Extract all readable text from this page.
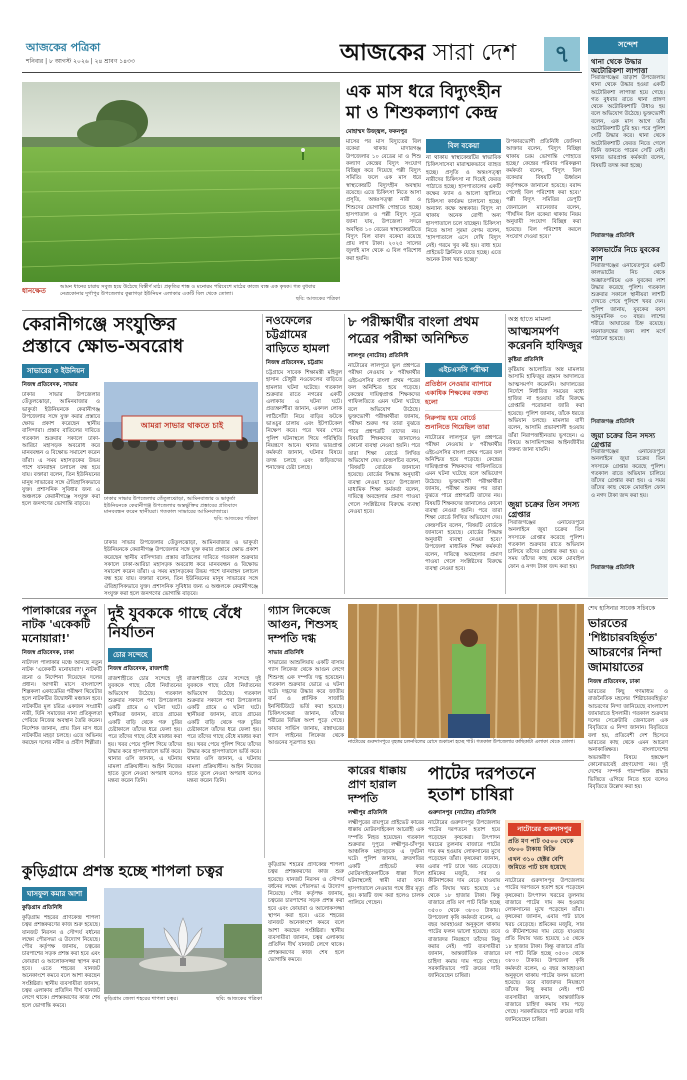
আজকের পত্রিকা
শনিবার | ৮ আগস্ট ২০২৬ | ২৪ শ্রাবণ ১৪৩৩	আজকের সারা দেশ	৭
আমন ধানের চারায় সবুজ হয়ে উঠেছে বিস্তীর্ণ মাঠ। প্রকৃতির শাস্ত ও মনোরম পরিবেশে মাঠের কাজে ব্যস্ত এক কৃষক। গত বুধবার নেত্রকোনার দুর্গাপুর উপজেলার কুল্লাগড়া ইউনিয়ন এলাকার একটি বিল থেকে তোলা।
ধানক্ষেত
ছবি: আজকের পত্রিকা
এক মাস ধরে বিদ্যুৎহীন
মা ও শিশুকল্যাণ কেন্দ্র
মোহাম্মদ উজ্জ্বল, ফকনপুর
মাসের পর মাস বিদ্যুতের বিল বকেয়া থাকায় মাদারগঞ্জ উপজেলার ১০ বেডের মা ও শিশু কল্যাণ কেন্দ্রের বিদ্যুৎ সংযোগ বিচ্ছিন্ন করে দিয়েছে পল্লী বিদ্যুৎ সমিতি। ফলে এক মাস ধরে স্বাস্থ্যকেন্দ্রটি বিদ্যুৎহীন অবস্থায় রয়েছে। এতে চিকিৎসা নিতে আসা প্রসূতি, অন্তঃসত্ত্বা নারী ও শিশুদের ভোগান্তি পোহাতে হচ্ছে। হাসপাতাল ও পল্লী বিদ্যুৎ সূত্রে জানা যায়, উপজেলা সদরে অবস্থিত ১০ বেডের স্বাস্থ্যকেন্দ্রটিতে বিদ্যুৎ বিল বাবদ বকেয়া রয়েছে প্রায় লাখ টাকা। ২০২৫ সালের জুলাই মাস থেকে এ বিল পরিশোধ করা হয়নি।
বিল বকেয়া
না থাকায় স্বাস্থ্যকেন্দ্রটির স্বাভাবিক চিকিৎসাসেবা মারাত্মকভাবে ব্যাহত হচ্ছে। প্রসূতি ও অন্তঃসত্ত্বা নারীদের চিকিৎসা না দিয়েই ফেরত পাঠাতে হচ্ছে। হাসপাতালের একটি কক্ষের ফ্যান ও আলো জ্বালিয়ে চিকিৎসা কার্যক্রম চালানো হচ্ছে। অন্যান্য কক্ষে অন্ধকার। বিদ্যুৎ না থাকায় অনেক রোগী অন্য হাসপাতালে চলে যাচ্ছেন। চিকিৎসা নিতে আসা সুরমা বেগম বলেন, 'হাসপাতালে এসে দেখি বিদ্যুৎ নেই। গরমে খুব কষ্ট হয়। বাধ্য হয়ে প্রাইভেট ক্লিনিকে যেতে হচ্ছে। এতে অনেক টাকা খরচ হচ্ছে।'
উপকারভোগী প্রতিনিধি জেলিনা আক্তার বলেন, 'বিদ্যুৎ বিচ্ছিন্ন থাকায় চরম ভোগান্তি পোহাতে হচ্ছে।' কেন্দ্রের পরিবার পরিকল্পনা কর্মকর্তা বলেন, 'বিদ্যুৎ বিল বকেয়ার বিষয়টি ঊর্ধ্বতন কর্তৃপক্ষকে জানানো হয়েছে। বরাদ্দ পেলেই বিল পরিশোধ করা হবে।' পল্লী বিদ্যুৎ সমিতির ডেপুটি জেনারেল ম্যানেজার বলেন, 'দীর্ঘদিন বিল বকেয়া থাকায় নিয়ম অনুযায়ী সংযোগ বিচ্ছিন্ন করা হয়েছে। বিল পরিশোধ করলে সংযোগ দেওয়া হবে।'
কেরানীগঞ্জে সংযুক্তির
প্রস্তাবে ক্ষোভ-অবরোধ
সাভারের ৩ ইউনিয়ন
নিজস্ব প্রতিবেদক, সাভার
ঢাকার সাভার উপজেলার তেঁতুলঝোড়া, আমিনবাজার ও ভাকুর্তা ইউনিয়নকে কেরানীগঞ্জ উপজেলার সঙ্গে যুক্ত করার প্রস্তাবে ক্ষোভ প্রকাশ করেছেন স্থানীয় বাসিন্দারা। প্রস্তাব বাতিলের দাবিতে গতকাল শুক্রবার সকালে ঢাকা-আরিচা মহাসড়ক অবরোধ করে মানববন্ধন ও বিক্ষোভ সমাবেশ করেন তাঁরা। এ সময় মহাসড়কের উভয় পাশে যানবাহন চলাচল বন্ধ হয়ে যায়। বক্তারা বলেন, তিন ইউনিয়নের মানুষ সাভারের সঙ্গে ঐতিহাসিকভাবে যুক্ত। প্রশাসনিক সুবিধার জন্য এ অঞ্চলকে কেরানীগঞ্জে সংযুক্ত করা হলে জনগণের ভোগান্তি বাড়বে।
আমরা সাভার থাকতে চাই
ঢাকার সাভার উপজেলার তেঁতুলঝোড়া, আমিনবাজার ও ভাকুর্তা ইউনিয়নকে কেরানীগঞ্জ উপজেলার অন্তর্ভুক্তির প্রস্তাবের প্রতিবাদে মানববন্ধন করেন স্থানীয়রা। গতকাল সাভারের আমিনবাজারে।
ছবি: আজকের পত্রিকা
ঢাকার সাভার উপজেলার তেঁতুলঝোড়া, আমিনবাজার ও ভাকুর্তা ইউনিয়নকে কেরানীগঞ্জ উপজেলার সঙ্গে যুক্ত করার প্রস্তাবে ক্ষোভ প্রকাশ করেছেন স্থানীয় বাসিন্দারা। প্রস্তাব বাতিলের দাবিতে গতকাল শুক্রবার সকালে ঢাকা-আরিচা মহাসড়ক অবরোধ করে মানববন্ধন ও বিক্ষোভ সমাবেশ করেন তাঁরা। এ সময় মহাসড়কের উভয় পাশে যানবাহন চলাচল বন্ধ হয়ে যায়। বক্তারা বলেন, তিন ইউনিয়নের মানুষ সাভারের সঙ্গে ঐতিহাসিকভাবে যুক্ত। প্রশাসনিক সুবিধার জন্য এ অঞ্চলকে কেরানীগঞ্জে সংযুক্ত করা হলে জনগণের ভোগান্তি বাড়বে।
নওফেলের চট্টগ্রামের বাড়িতে হামলা
নিজস্ব প্রতিবেদক, চট্টগ্রাম
চট্টগ্রামে সাবেক শিক্ষামন্ত্রী মহিবুল হাসান চৌধুরী নওফেলের বাড়িতে হামলার ঘটনা ঘটেছে। গতকাল শুক্রবার রাতে নগরের একটি এলাকায় এ ঘটনা ঘটে। প্রত্যক্ষদর্শীরা জানান, একদল লোক লাঠিসোঁটা নিয়ে বাড়ির ফটকে ভাঙচুর চালায় এবং ইটপাটকেল নিক্ষেপ করে। পরে খবর পেয়ে পুলিশ ঘটনাস্থলে গিয়ে পরিস্থিতি নিয়ন্ত্রণে আনে। থানার ভারপ্রাপ্ত কর্মকর্তা জানান, ঘটনার বিষয়ে তদন্ত চলছে এবং জড়িতদের শনাক্তের চেষ্টা চলছে।
৮ পরীক্ষার্থীর বাংলা প্রথম পত্রের পরীক্ষা অনিশ্চিত
লালপুর (নাটোর) প্রতিনিধি
নাটোরের লালপুরে ভুল প্রশ্নপত্রে পরীক্ষা নেওয়ায় ৮ পরীক্ষার্থীর এইচএসসির বাংলা প্রথম পত্রের ফল অনিশ্চিত হয়ে পড়েছে। কেন্দ্রের দায়িত্বপ্রাপ্ত শিক্ষকদের গাফিলতিতে এমন ঘটনা ঘটেছে বলে অভিযোগ উঠেছে। ভুক্তভোগী পরীক্ষার্থীরা জানায়, পরীক্ষা শুরুর পর তারা বুঝতে পারে প্রশ্নপত্রটি তাদের নয়। বিষয়টি শিক্ষকদের জানালেও কোনো ব্যবস্থা নেওয়া হয়নি। পরে তারা শিক্ষা বোর্ডে লিখিত অভিযোগ দেয়। কেন্দ্রসচিব বলেন, 'বিষয়টি বোর্ডকে জানানো হয়েছে। বোর্ডের সিদ্ধান্ত অনুযায়ী ব্যবস্থা নেওয়া হবে।' উপজেলা মাধ্যমিক শিক্ষা কর্মকর্তা বলেন, দায়িত্বে অবহেলার প্রমাণ পাওয়া গেলে সংশ্লিষ্টদের বিরুদ্ধে ব্যবস্থা নেওয়া হবে।
এইচএসসি পরীক্ষা
প্রতিষ্ঠান নেওয়ার ব্যাপারে একাধিক শিক্ষকের বক্তব্য হলো
নিরুপায় হয়ে বোর্ডে শুনানিতে গিয়েছিল তারা
নাটোরের লালপুরে ভুল প্রশ্নপত্রে পরীক্ষা নেওয়ায় ৮ পরীক্ষার্থীর এইচএসসির বাংলা প্রথম পত্রের ফল অনিশ্চিত হয়ে পড়েছে। কেন্দ্রের দায়িত্বপ্রাপ্ত শিক্ষকদের গাফিলতিতে এমন ঘটনা ঘটেছে বলে অভিযোগ উঠেছে। ভুক্তভোগী পরীক্ষার্থীরা জানায়, পরীক্ষা শুরুর পর তারা বুঝতে পারে প্রশ্নপত্রটি তাদের নয়। বিষয়টি শিক্ষকদের জানালেও কোনো ব্যবস্থা নেওয়া হয়নি। পরে তারা শিক্ষা বোর্ডে লিখিত অভিযোগ দেয়। কেন্দ্রসচিব বলেন, 'বিষয়টি বোর্ডকে জানানো হয়েছে। বোর্ডের সিদ্ধান্ত অনুযায়ী ব্যবস্থা নেওয়া হবে।' উপজেলা মাধ্যমিক শিক্ষা কর্মকর্তা বলেন, দায়িত্বে অবহেলার প্রমাণ পাওয়া গেলে সংশ্লিষ্টদের বিরুদ্ধে ব্যবস্থা নেওয়া হবে।
অস্ত্র হাতে মামলা
আত্মসমর্পণ করেননি হাফিজুর
কুষ্টিয়া প্রতিনিধি
কুষ্টিয়ায় আলোচিত অস্ত্র মামলার আসামি হাফিজুর রহমান আদালতে আত্মসমর্পণ করেননি। আদালতের নির্দেশে নির্ধারিত সময়ের মধ্যে হাজির না হওয়ায় তাঁর বিরুদ্ধে গ্রেপ্তারি পরোয়ানা জারি করা হয়েছে। পুলিশ জানায়, তাঁকে ধরতে অভিযান চলছে। মামলার বাদী বলেন, আসামি প্রভাবশালী হওয়ায় তাঁরা নিরাপত্তাহীনতায় ভুগছেন। এ বিষয়ে আসামিপক্ষের আইনজীবীর বক্তব্য জানা যায়নি।
জুয়া চক্রের তিন সদস্য গ্রেপ্তার
সিরাজগঞ্জের এনায়েতপুরে অনলাইনে জুয়া চক্রের তিন সদস্যকে গ্রেপ্তার করেছে পুলিশ। গতকাল শুক্রবার রাতে অভিযান চালিয়ে তাঁদের গ্রেপ্তার করা হয়। এ সময় তাঁদের কাছ থেকে মোবাইল ফোন ও নগদ টাকা জব্দ করা হয়।
সন্দেশ
থানা থেকে উদ্ধার অটোরিকশা লাপাত্তা
সিরাজগঞ্জের তাড়াশ উপজেলায় থানা থেকে উদ্ধার হওয়া একটি অটোরিকশা লাপাত্তা হয়ে গেছে। গত বুধবার রাতে থানা প্রাঙ্গণ থেকে অটোরিকশাটি উধাও হয় বলে অভিযোগ উঠেছে। ভুক্তভোগী বলেন, এক মাস আগে তাঁর অটোরিকশাটি চুরি হয়। পরে পুলিশ সেটি উদ্ধার করে। থানা থেকে অটোরিকশাটি ফেরত নিতে গেলে তিনি জানতে পারেন সেটি নেই। থানার ভারপ্রাপ্ত কর্মকর্তা বলেন, বিষয়টি তদন্ত করা হচ্ছে।
সিরাজগঞ্জ প্রতিনিধি
কালভার্টের নিচে যুবকের লাশ
সিরাজগঞ্জের এনায়েতপুরে একটি কালভার্টের নিচ থেকে অজ্ঞাতপরিচয় এক যুবকের লাশ উদ্ধার করেছে পুলিশ। গতকাল শুক্রবার সকালে স্থানীয়রা লাশটি দেখতে পেয়ে পুলিশে খবর দেন। পুলিশ জানায়, যুবকের বয়স আনুমানিক ৩০ বছর। লাশের শরীরে আঘাতের চিহ্ন রয়েছে। ময়নাতদন্তের জন্য লাশ মর্গে পাঠানো হয়েছে।
সিরাজগঞ্জ প্রতিনিধি
জুয়া চক্রের তিন সদস্য গ্রেপ্তার
সিরাজগঞ্জের এনায়েতপুরে অনলাইনে জুয়া চক্রের তিন সদস্যকে গ্রেপ্তার করেছে পুলিশ। গতকাল রাতে অভিযান চালিয়ে তাঁদের গ্রেপ্তার করা হয়। এ সময় তাঁদের কাছ থেকে মোবাইল ফোন ও নগদ টাকা জব্দ করা হয়।
সিরাজগঞ্জ প্রতিনিধি
পালাকারের নতুন নাটক 'একেকটি মনোয়ারা!'
নিজস্ব প্রতিবেদক, ঢাকা
নাট্যদল পালাকার মঞ্চে আনছে নতুন নাটক 'একেকটি মনোয়ারা!'। নাটকটি রচনা ও নির্দেশনা দিয়েছেন দলের প্রধান। আগামী মাসে বাংলাদেশ শিল্পকলা একাডেমির পরীক্ষণ থিয়েটার হলে নাটকটির উদ্বোধনী মঞ্চায়ন হবে। নাটকটির মূল চরিত্র একজন সংগ্রামী নারী, যিনি সমাজের নানা প্রতিকূলতা পেরিয়ে নিজের অবস্থান তৈরি করেন। নির্দেশক জানান, প্রায় তিন মাস ধরে নাটকটির মহড়া চলছে। এতে অভিনয় করছেন দলের নবীন ও প্রবীণ শিল্পীরা।
দুই যুবককে গাছে বেঁধে নির্যাতন
চোর সন্দেহে
নিজস্ব প্রতিবেদক, রাজশাহী
রাজশাহীতে চোর সন্দেহে দুই যুবককে গাছে বেঁধে নির্যাতনের অভিযোগ উঠেছে। গতকাল শুক্রবার সকালে পবা উপজেলার একটি গ্রামে এ ঘটনা ঘটে। স্থানীয়রা জানান, রাতে গ্রামের একটি বাড়ি থেকে গরু চুরির চেষ্টাকালে তাঁদের ধরে ফেলা হয়। পরে তাঁদের গাছে বেঁধে মারধর করা হয়। খবর পেয়ে পুলিশ গিয়ে তাঁদের উদ্ধার করে হাসপাতালে ভর্তি করে। থানার ওসি জানান, এ ঘটনায় মামলা প্রক্রিয়াধীন। আইন নিজের হাতে তুলে নেওয়া অপরাধ বলেও মন্তব্য করেন তিনি।
রাজশাহীতে চোর সন্দেহে দুই যুবককে গাছে বেঁধে নির্যাতনের অভিযোগ উঠেছে। গতকাল শুক্রবার সকালে পবা উপজেলার একটি গ্রামে এ ঘটনা ঘটে। স্থানীয়রা জানান, রাতে গ্রামের একটি বাড়ি থেকে গরু চুরির চেষ্টাকালে তাঁদের ধরে ফেলা হয়। পরে তাঁদের গাছে বেঁধে মারধর করা হয়। খবর পেয়ে পুলিশ গিয়ে তাঁদের উদ্ধার করে হাসপাতালে ভর্তি করে। থানার ওসি জানান, এ ঘটনায় মামলা প্রক্রিয়াধীন। আইন নিজের হাতে তুলে নেওয়া অপরাধ বলেও মন্তব্য করেন তিনি।
গ্যাস লিকেজে আগুন, শিশুসহ দম্পতি দগ্ধ
সাভার প্রতিনিধি
সাভারের আশুলিয়ায় একটি বাসায় গ্যাস লিকেজ থেকে আগুন লেগে শিশুসহ এক দম্পতি দগ্ধ হয়েছেন। গতকাল শুক্রবার ভোরে এ ঘটনা ঘটে। দগ্ধদের উদ্ধার করে জাতীয় বার্ন ও প্লাস্টিক সার্জারি ইনস্টিটিউটে ভর্তি করা হয়েছে। চিকিৎসকেরা জানান, তাঁদের শরীরের বিভিন্ন অংশ পুড়ে গেছে। ফায়ার সার্ভিস জানায়, রান্নাঘরের গ্যাস লাইনের লিকেজ থেকে আগুনের সূত্রপাত হয়।	নাটোরের গুরুদাসপুরে বৃহত্তর চলনবিলের রোদে শুকানো হচ্ছে পাট। গতকাল উপজেলার কাছিকাটা এলাকা থেকে তোলা।
শেখ হাসিনার সাবেক সচিবকে
ভারতের
'শিষ্টাচারবহির্ভূত'
আচরণের নিন্দা
জামায়াতের
নিজস্ব প্রতিবেদক, ঢাকা
ভারতের কিছু গণমাধ্যম ও রাজনৈতিক মহলের 'শিষ্টাচারবহির্ভূত' আচরণের নিন্দা জানিয়েছে বাংলাদেশ জামায়াতে ইসলামী। গতকাল শুক্রবার দলের সেক্রেটারি জেনারেল এক বিবৃতিতে এ নিন্দা জানান। বিবৃতিতে বলা হয়, প্রতিবেশী দেশ হিসেবে ভারতের কাছ থেকে এমন আচরণ অনাকাঙ্ক্ষিত। বাংলাদেশের অভ্যন্তরীণ বিষয়ে হস্তক্ষেপ কোনোভাবেই গ্রহণযোগ্য নয়। দুই দেশের সম্পর্ক পারস্পরিক শ্রদ্ধার ভিত্তিতে এগিয়ে নিতে হবে বলেও বিবৃতিতে উল্লেখ করা হয়।
কারের ধাক্কায় প্রাণ হারাল দম্পতি
লক্ষ্মীপুর প্রতিনিধি
লক্ষ্মীপুরের রায়পুরে প্রাইভেট কারের ধাক্কায় মোটরসাইকেল আরোহী এক দম্পতি নিহত হয়েছেন। গতকাল শুক্রবার দুপুরে লক্ষ্মীপুর-চাঁদপুর আঞ্চলিক মহাসড়কে এ দুর্ঘটনা ঘটে। পুলিশ জানায়, দ্রুতগতির একটি প্রাইভেট কার মোটরসাইকেলটিকে ধাক্কা দিলে ঘটনাস্থলেই স্বামী মারা যান। হাসপাতালে নেওয়ার পথে স্ত্রীর মৃত্যু হয়। কারটি জব্দ করা হলেও চালক পালিয়ে গেছেন।
পাটের দরপতনে
হতাশ চাষিরা
গুরুদাসপুর (নাটোর) প্রতিনিধি
নাটোরের গুরুদাসপুর উপজেলায় পাটের দরপতনে হতাশ হয়ে পড়েছেন কৃষকেরা। উৎপাদন খরচের তুলনায় বাজারে পাটের দাম কম হওয়ায় লোকসানের মুখে পড়েছেন তাঁরা। কৃষকেরা জানান, এবার পাট চাষে খরচ বেড়েছে। শ্রমিকের মজুরি, সার ও কীটনাশকের দাম বেড়ে যাওয়ায় প্রতি বিঘায় খরচ হয়েছে ১৫ থেকে ১৮ হাজার টাকা। কিন্তু বাজারে প্রতি মণ পাট বিক্রি হচ্ছে ৩৫০০ থেকে ৩৮০০ টাকায়। উপজেলা কৃষি কর্মকর্তা বলেন, এ বছর আবহাওয়া অনুকূলে থাকায় পাটের ফলন ভালো হয়েছে। তবে বাজারদর নিয়ন্ত্রণে তাঁদের কিছু করার নেই। পাট ব্যবসায়ীরা জানান, আন্তর্জাতিক বাজারে চাহিদা কমায় দাম পড়ে গেছে। সরকারিভাবে পাট ক্রয়ের দাবি জানিয়েছেন চাষিরা।
নাটোরের গুরুদাসপুর
প্রতি মণ পাট ৩৫০০ থেকে ৩৮০০ টাকায় বিক্রি
এখন ৩১০ হেক্টর বেশি জমিতে পাট চাষ হয়েছে
নাটোরের গুরুদাসপুর উপজেলায় পাটের দরপতনে হতাশ হয়ে পড়েছেন কৃষকেরা। উৎপাদন খরচের তুলনায় বাজারে পাটের দাম কম হওয়ায় লোকসানের মুখে পড়েছেন তাঁরা। কৃষকেরা জানান, এবার পাট চাষে খরচ বেড়েছে। শ্রমিকের মজুরি, সার ও কীটনাশকের দাম বেড়ে যাওয়ায় প্রতি বিঘায় খরচ হয়েছে ১৫ থেকে ১৮ হাজার টাকা। কিন্তু বাজারে প্রতি মণ পাট বিক্রি হচ্ছে ৩৫০০ থেকে ৩৮০০ টাকায়। উপজেলা কৃষি কর্মকর্তা বলেন, এ বছর আবহাওয়া অনুকূলে থাকায় পাটের ফলন ভালো হয়েছে। তবে বাজারদর নিয়ন্ত্রণে তাঁদের কিছু করার নেই। পাট ব্যবসায়ীরা জানান, আন্তর্জাতিক বাজারে চাহিদা কমায় দাম পড়ে গেছে। সরকারিভাবে পাট ক্রয়ের দাবি জানিয়েছেন চাষিরা।
কুড়িগ্রামে প্রশস্ত হচ্ছে শাপলা চত্বর
ঘাসফুল কমার আশা
কুড়িগ্রাম প্রতিনিধি
কুড়িগ্রাম শহরের প্রাণকেন্দ্র শাপলা চত্বর প্রশস্তকরণের কাজ শুরু হয়েছে। যানজট নিরসন ও সৌন্দর্য বর্ধনের লক্ষ্যে পৌরসভা এ উদ্যোগ নিয়েছে। পৌর কর্তৃপক্ষ জানায়, চত্বরের চারপাশের সড়ক প্রশস্ত করা হবে এবং ফোয়ারা ও আলোকসজ্জা স্থাপন করা হবে। এতে শহরের যানজট অনেকাংশে কমবে বলে আশা করছেন সংশ্লিষ্টরা। স্থানীয় ব্যবসায়ীরা জানান, চত্বর এলাকায় প্রতিদিন দীর্ঘ যানজট লেগে থাকে। প্রশস্তকরণের কাজ শেষ হলে ভোগান্তি কমবে।
কুড়িগ্রাম জেলা শহরের শাপলা চত্বর।	ছবি: আজকের পত্রিকা
কুড়িগ্রাম শহরের প্রাণকেন্দ্র শাপলা চত্বর প্রশস্তকরণের কাজ শুরু হয়েছে। যানজট নিরসন ও সৌন্দর্য বর্ধনের লক্ষ্যে পৌরসভা এ উদ্যোগ নিয়েছে। পৌর কর্তৃপক্ষ জানায়, চত্বরের চারপাশের সড়ক প্রশস্ত করা হবে এবং ফোয়ারা ও আলোকসজ্জা স্থাপন করা হবে। এতে শহরের যানজট অনেকাংশে কমবে বলে আশা করছেন সংশ্লিষ্টরা। স্থানীয় ব্যবসায়ীরা জানান, চত্বর এলাকায় প্রতিদিন দীর্ঘ যানজট লেগে থাকে। প্রশস্তকরণের কাজ শেষ হলে ভোগান্তি কমবে।
